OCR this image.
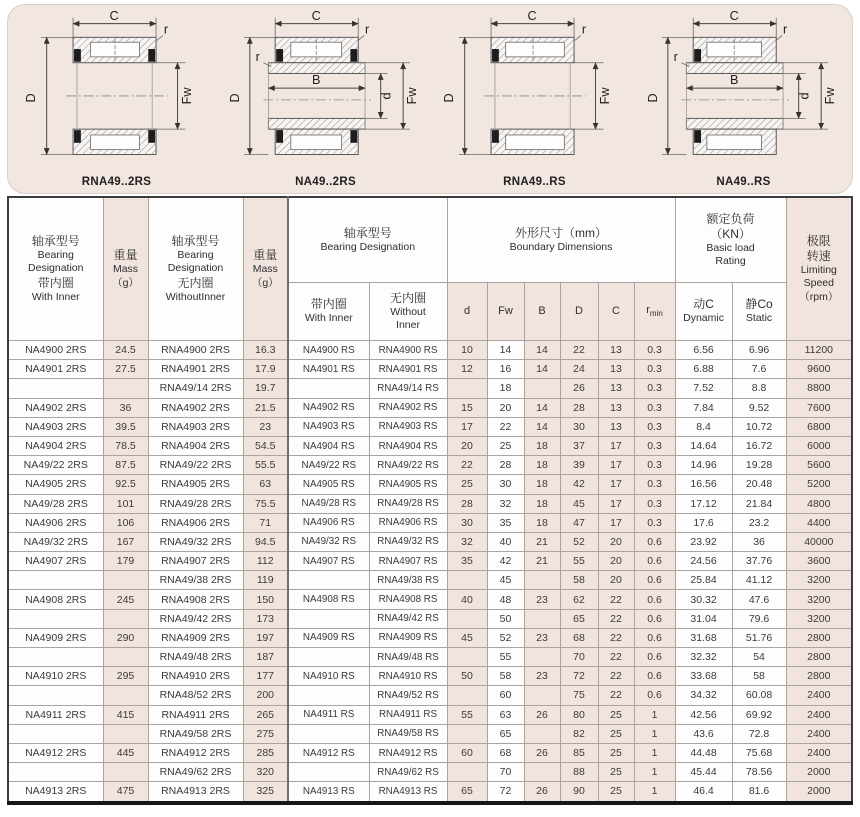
C
D	Fw
r
RNA49..2RS
C
B
D	d Fw
r
r
NA49..2RS
C
D	Fw
r
RNA49..RS
C
B
D	d Fw
r
r
NA49..RS
轴承型号
Bearing
Designation
带内圈
With Inner	重量
Mass
（g）	轴承型号
Bearing
Designation
无内圈
WithoutInner	重量
Mass
（g）	轴承型号
Bearing Designation		外形尺寸（mm）
Boundary Dimensions						额定负荷
（KN）
Basic load
Rating		极限
转速
Limiting
Speed
（rpm）

				带内圈
With Inner	无内圈
Without
Inner	d	Fw	B	D	C	$r_{min}$	动C
Dynamic	静Co
Static	

NA4900 2RS	24.5	RNA4900 2RS	16.3	NA4900 RS	RNA4900 RS	10	14	14	22	13	0.3	6.56	6.96	11200
NA4901 2RS	27.5	RNA4901 2RS	17.9	NA4901 RS	RNA4901 RS	12	16	14	24	13	0.3	6.88	7.6	9600
		RNA49/14 2RS	19.7		RNA49/14 RS		18		26	13	0.3	7.52	8.8	8800
NA4902 2RS	36	RNA4902 2RS	21.5	NA4902 RS	RNA4902 RS	15	20	14	28	13	0.3	7.84	9.52	7600
NA4903 2RS	39.5	RNA4903 2RS	23	NA4903 RS	RNA4903 RS	17	22	14	30	13	0.3	8.4	10.72	6800
NA4904 2RS	78.5	RNA4904 2RS	54.5	NA4904 RS	RNA4904 RS	20	25	18	37	17	0.3	14.64	16.72	6000
NA49/22 2RS	87.5	RNA49/22 2RS	55.5	NA49/22 RS	RNA49/22 RS	22	28	18	39	17	0.3	14.96	19.28	5600
NA4905 2RS	92.5	RNA4905 2RS	63	NA4905 RS	RNA4905 RS	25	30	18	42	17	0.3	16.56	20.48	5200
NA49/28 2RS	101	RNA49/28 2RS	75.5	NA49/28 RS	RNA49/28 RS	28	32	18	45	17	0.3	17.12	21.84	4800
NA4906 2RS	106	RNA4906 2RS	71	NA4906 RS	RNA4906 RS	30	35	18	47	17	0.3	17.6	23.2	4400
NA49/32 2RS	167	RNA49/32 2RS	94.5	NA49/32 RS	RNA49/32 RS	32	40	21	52	20	0.6	23.92	36	40000
NA4907 2RS	179	RNA4907 2RS	112	NA4907 RS	RNA4907 RS	35	42	21	55	20	0.6	24.56	37.76	3600
		RNA49/38 2RS	119		RNA49/38 RS		45		58	20	0.6	25.84	41.12	3200
NA4908 2RS	245	RNA4908 2RS	150	NA4908 RS	RNA4908 RS	40	48	23	62	22	0.6	30.32	47.6	3200
		RNA49/42 2RS	173		RNA49/42 RS		50		65	22	0.6	31.04	79.6	3200
NA4909 2RS	290	RNA4909 2RS	197	NA4909 RS	RNA4909 RS	45	52	23	68	22	0.6	31.68	51.76	2800
		RNA49/48 2RS	187		RNA49/48 RS		55		70	22	0.6	32.32	54	2800
NA4910 2RS	295	RNA4910 2RS	177	NA4910 RS	RNA4910 RS	50	58	23	72	22	0.6	33.68	58	2800
		RNA48/52 2RS	200		RNA49/52 RS		60		75	22	0.6	34.32	60.08	2400
NA4911 2RS	415	RNA4911 2RS	265	NA4911 RS	RNA4911 RS	55	63	26	80	25	1	42.56	69.92	2400
		RNA49/58 2RS	275		RNA49/58 RS		65		82	25	1	43.6	72.8	2400
NA4912 2RS	445	RNA4912 2RS	285	NA4912 RS	RNA4912 RS	60	68	26	85	25	1	44.48	75.68	2400
		RNA49/62 2RS	320		RNA49/62 RS		70		88	25	1	45.44	78.56	2000
NA4913 2RS	475	RNA4913 2RS	325	NA4913 RS	RNA4913 RS	65	72	26	90	25	1	46.4	81.6	2000
